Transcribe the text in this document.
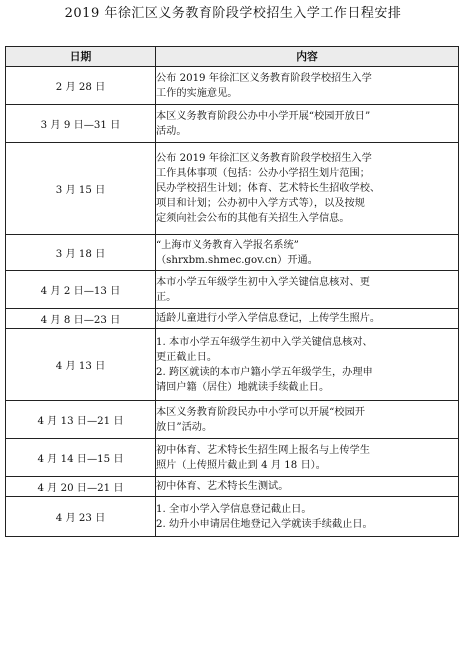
2019 年徐汇区义务教育阶段学校招生入学工作日程安排
日期	内容
2 月 28 日	公布 2019 年徐汇区义务教育阶段学校招生入学
工作的实施意见。

3 月 9 日—31 日	本区义务教育阶段公办中小学开展“校园开放日”
活动。

3 月 15 日	公布 2019 年徐汇区义务教育阶段学校招生入学
工作具体事项（包括：公办小学招生划片范围；
民办学校招生计划；体育、艺术特长生招收学校、
项目和计划；公办初中入学方式等），以及按规
定须向社会公布的其他有关招生入学信息。

3 月 18 日	“上海市义务教育入学报名系统”
（shrxbm.shmec.gov.cn）开通。

4 月 2 日—13 日	本市小学五年级学生初中入学关键信息核对、更
正。

4 月 8 日—23 日	适龄儿童进行小学入学信息登记，上传学生照片。

4 月 13 日	1. 本市小学五年级学生初中入学关键信息核对、
更正截止日。
2. 跨区就读的本市户籍小学五年级学生，办理申
请回户籍（居住）地就读手续截止日。

4 月 13 日—21 日	本区义务教育阶段民办中小学可以开展“校园开
放日”活动。

4 月 14 日—15 日	初中体育、艺术特长生招生网上报名与上传学生
照片（上传照片截止到 4 月 18 日）。

4 月 20 日—21 日	初中体育、艺术特长生测试。

4 月 23 日	1. 全市小学入学信息登记截止日。
2. 幼升小申请居住地登记入学就读手续截止日。
